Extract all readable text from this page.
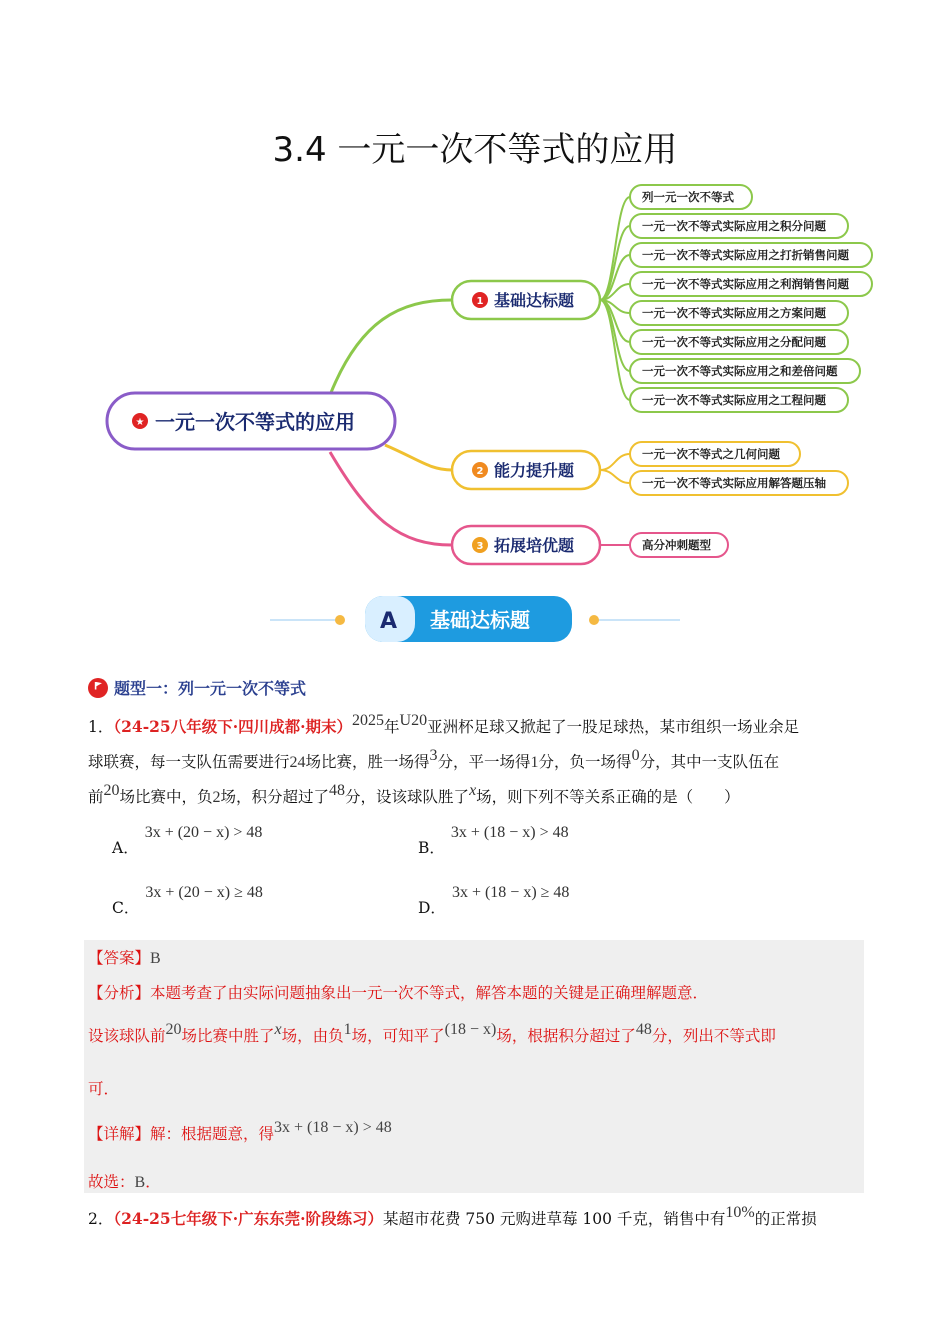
3.4 一元一次不等式的应用
★ 一元一次不等式的应用
1 基础达标题
2 能力提升题
3 拓展培优题
列一元一次不等式
一元一次不等式实际应用之积分问题
一元一次不等式实际应用之打折销售问题
一元一次不等式实际应用之利润销售问题
一元一次不等式实际应用之方案问题
一元一次不等式实际应用之分配问题
一元一次不等式实际应用之和差倍问题
一元一次不等式实际应用之工程问题
一元一次不等式之几何问题
一元一次不等式实际应用解答题压轴
高分冲刺题型
A 基础达标题
题型一：列一元一次不等式
1．（24-25八年级下·四川成都·期末）2025年U20亚洲杯足球又掀起了一股足球热，某市组织一场业余足
球联赛，每一支队伍需要进行24场比赛，胜一场得3分，平一场得1分，负一场得0分，其中一支队伍在
前20场比赛中，负2场，积分超过了48分，设该球队胜了x场，则下列不等关系正确的是（　　）
A．
3x + (20 − x) > 48
B．
3x + (18 − x) > 48
C．
3x + (20 − x) ≥ 48
D．
3x + (18 − x) ≥ 48
【答案】B
【分析】本题考查了由实际问题抽象出一元一次不等式，解答本题的关键是正确理解题意．
设该球队前20场比赛中胜了x场，由负1场，可知平了(18 − x)场，根据积分超过了48分，列出不等式即
可．
【详解】解：根据题意，得3x + (18 − x) > 48
故选：B．
2．（24-25七年级下·广东东莞·阶段练习）某超市花费 750 元购进草莓 100 千克，销售中有10%的正常损
